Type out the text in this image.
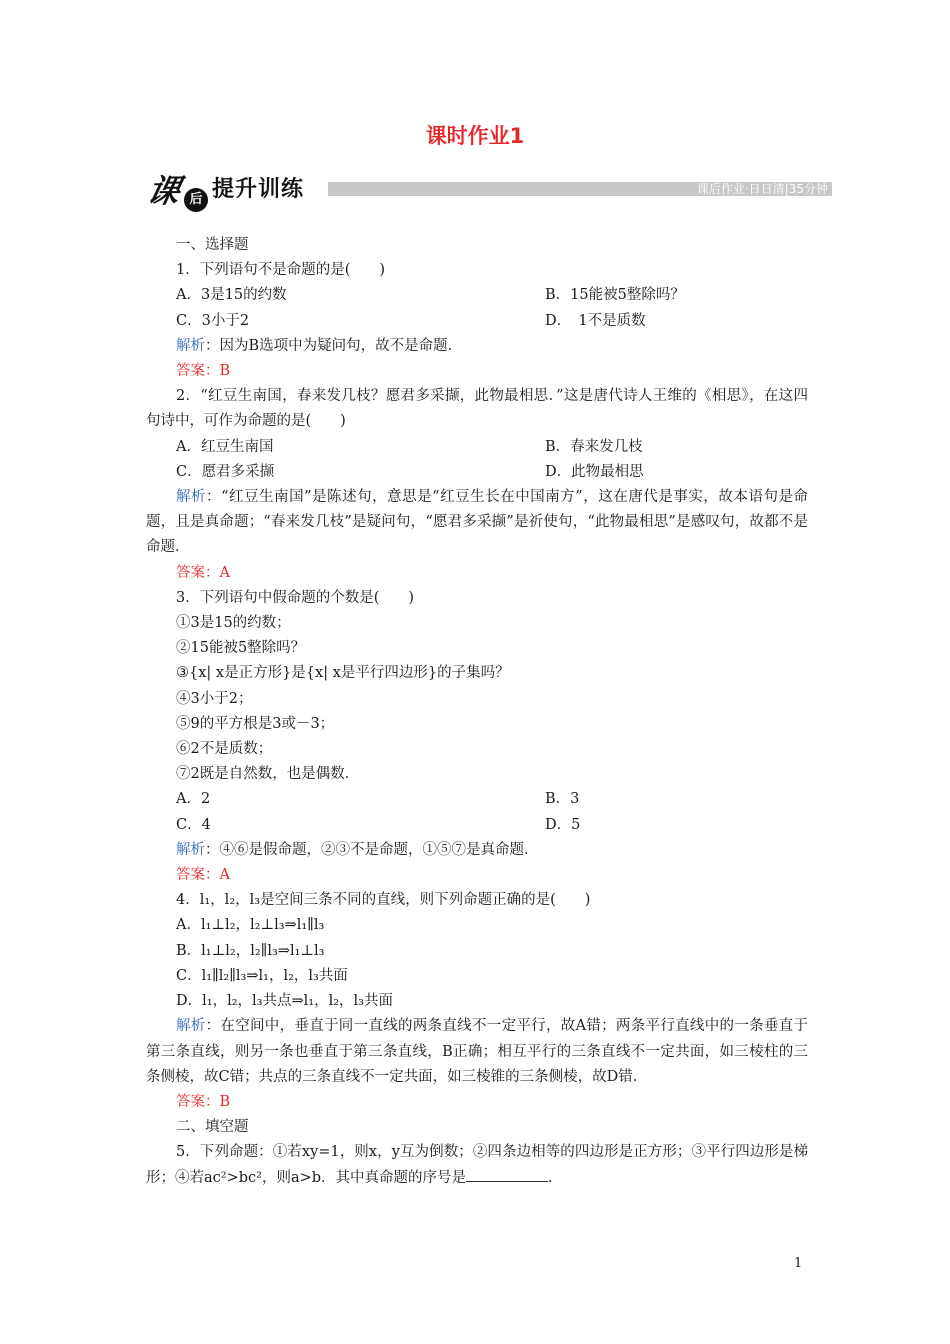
课时作业1
课 后 提升训练	课后作业·日日清|35分钟
一、选择题
1．下列语句不是命题的是(　　)
A．3是15的约数	B．15能被5整除吗？
C．3小于2	D．　1不是质数
解析：因为B选项中为疑问句，故不是命题．
答案：B
2．“红豆生南国，春来发几枝？愿君多采撷，此物最相思．”这是唐代诗人王维的《相思》，在这四句诗中，可作为命题的是(　　)
A．红豆生南国	B．春来发几枝
C．愿君多采撷	D．此物最相思
解析：“红豆生南国”是陈述句，意思是“红豆生长在中国南方”，这在唐代是事实，故本语句是命题，且是真命题；“春来发几枝”是疑问句，“愿君多采撷”是祈使句，“此物最相思”是感叹句，故都不是命题．
答案：A
3．下列语句中假命题的个数是(　　)
①3是15的约数；
②15能被5整除吗？
③{x| x是正方形}是{x| x是平行四边形}的子集吗？
④3小于2；
⑤9的平方根是3或－3；
⑥2不是质数；
⑦2既是自然数，也是偶数．
A．2	B．3
C．4	D．5
解析：④⑥是假命题，②③不是命题，①⑤⑦是真命题．
答案：A
4．l₁，l₂，l₃是空间三条不同的直线，则下列命题正确的是(　　)
A．l₁⊥l₂，l₂⊥l₃⇒l₁∥l₃
B．l₁⊥l₂，l₂∥l₃⇒l₁⊥l₃
C．l₁∥l₂∥l₃⇒l₁，l₂，l₃共面
D．l₁，l₂，l₃共点⇒l₁，l₂，l₃共面
解析：在空间中，垂直于同一直线的两条直线不一定平行，故A错；两条平行直线中的一条垂直于第三条直线，则另一条也垂直于第三条直线，B正确；相互平行的三条直线不一定共面，如三棱柱的三条侧棱，故C错；共点的三条直线不一定共面，如三棱锥的三条侧棱，故D错．
答案：B
二、填空题
5．下列命题：①若xy=1，则x，y互为倒数；②四条边相等的四边形是正方形；③平行四边形是梯形；④若ac²>bc²，则a>b．其中真命题的序号是	．
1
